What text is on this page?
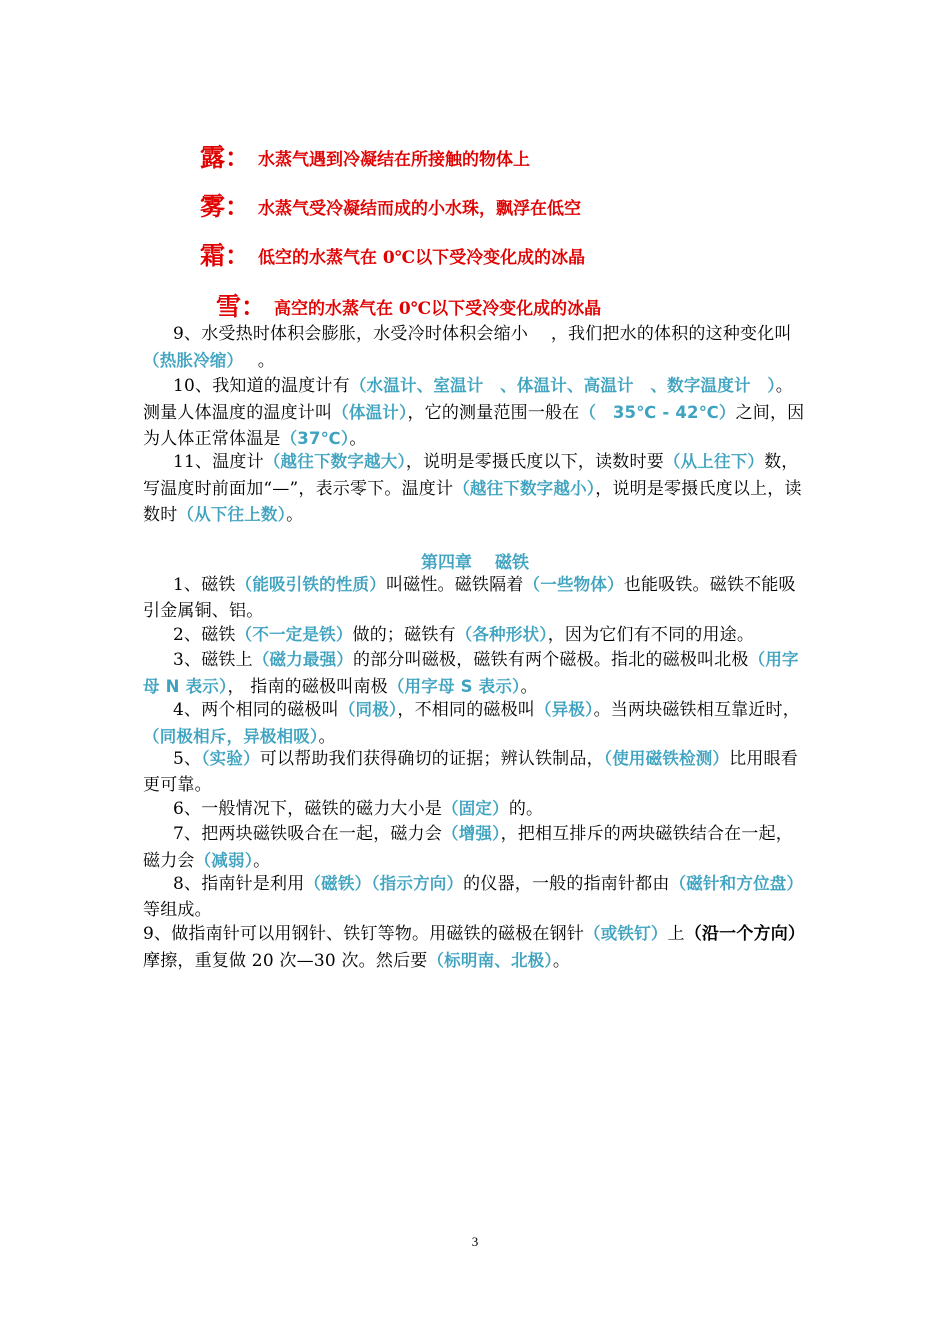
露： 水蒸气遇到冷凝结在所接触的物体上
雾： 水蒸气受冷凝结而成的小水珠，飘浮在低空
霜： 低空的水蒸气在 0℃以下受冷变化成的冰晶
雪： 高空的水蒸气在 0℃以下受冷变化成的冰晶
9、水受热时体积会膨胀，水受冷时体积会缩小　 ，我们把水的体积的这种变化叫（热胀冷缩）　 。
10、我知道的温度计有（水温计、室温计　、体温计、高温计　、数字温度计　）。测量人体温度的温度计叫（体温计），它的测量范围一般在（　35℃ - 42℃）之间，因为人体正常体温是（37℃）。
11、温度计（越往下数字越大），说明是零摄氏度以下，读数时要（从上往下）数，写温度时前面加“—”，表示零下。温度计（越往下数字越小），说明是零摄氏度以上，读数时（从下往上数）。
第四章　 磁铁
1、磁铁（能吸引铁的性质）叫磁性。磁铁隔着（一些物体）也能吸铁。磁铁不能吸引金属铜、铝。
2、磁铁（不一定是铁）做的；磁铁有（各种形状），因为它们有不同的用途。
3、磁铁上（磁力最强）的部分叫磁极，磁铁有两个磁极。指北的磁极叫北极（用字母 N 表示）， 指南的磁极叫南极（用字母 S 表示）。
4、两个相同的磁极叫（同极），不相同的磁极叫（异极）。当两块磁铁相互靠近时，（同极相斥，异极相吸）。
5、（实验）可以帮助我们获得确切的证据；辨认铁制品，（使用磁铁检测）比用眼看更可靠。
6、一般情况下，磁铁的磁力大小是（固定）的。
7、把两块磁铁吸合在一起，磁力会（增强），把相互排斥的两块磁铁结合在一起，磁力会（减弱）。
8、指南针是利用（磁铁）（指示方向）的仪器，一般的指南针都由（磁针和方位盘）等组成。
9、做指南针可以用钢针、铁钉等物。用磁铁的磁极在钢针（或铁钉）上（沿一个方向）摩擦，重复做 20 次—30 次。然后要（标明南、北极）。
3
